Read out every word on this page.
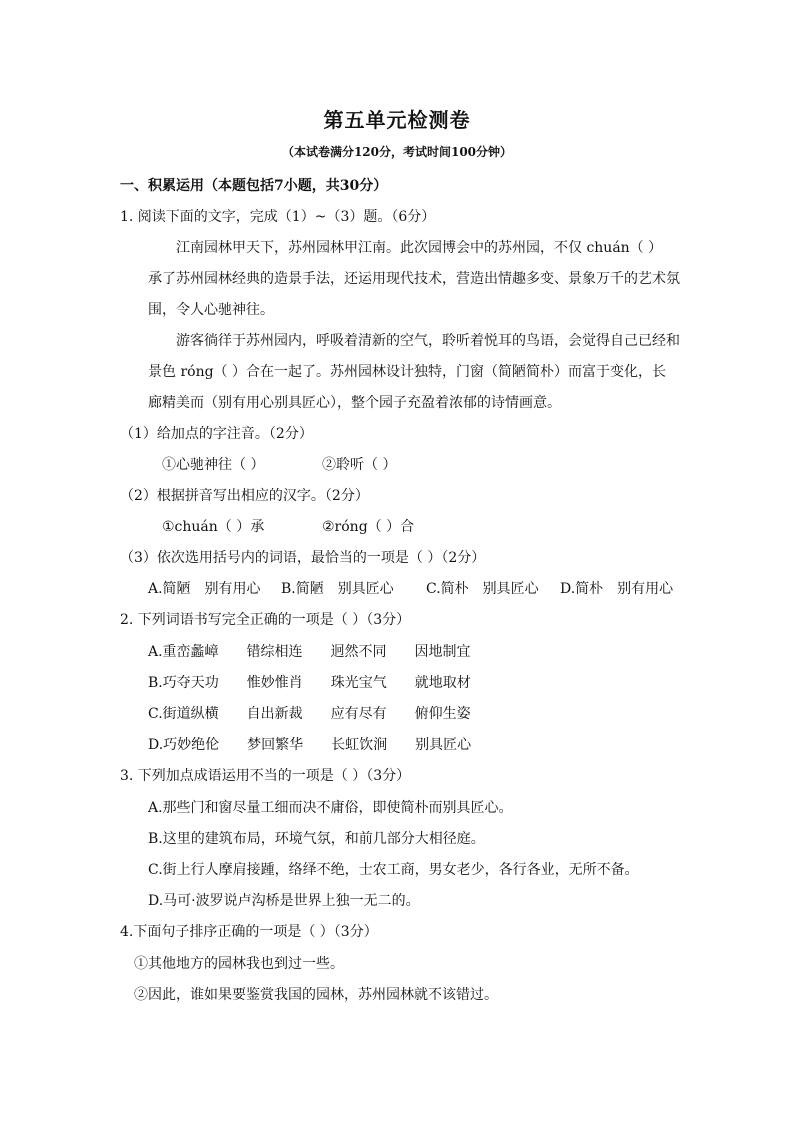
第五单元检测卷
（本试卷满分120分，考试时间100分钟）
一、积累运用（本题包括7小题，共30分）
1. 阅读下面的文字，完成（1）~（3）题。（6分）
江南园林甲天下，苏州园林甲江南。此次园博会中的苏州园，不仅 chuán（ ）
承了苏州园林经典的造景手法，还运用现代技术，营造出情趣多变、景象万千的艺术氛
围，令人心驰神往。
游客徜徉于苏州园内，呼吸着清新的空气，聆听着悦耳的鸟语，会觉得自己已经和
景色 róng（ ）合在一起了。苏州园林设计独特，门窗（简陋简朴）而富于变化，长
廊精美而（别有用心别具匠心），整个园子充盈着浓郁的诗情画意。
（1）给加点的字注音。（2分）
①心驰神往（ ）	②聆听（ ）
（2）根据拼音写出相应的汉字。（2分）
①chuán（ ）承	②róng（ ）合
（3）依次选用括号内的词语，最恰当的一项是（ ）（2分）
A.简陋　别有用心 B.简陋　别具匠心 C.简朴　别具匠心 D.简朴　别有用心
2. 下列词语书写完全正确的一项是（ ）（3分）
A.重峦蠡嶂　　错综相连　　迥然不同　　因地制宜
B.巧夺天功　　惟妙惟肖　　珠光宝气　　就地取材
C.街道纵横　　自出新裁　　应有尽有　　俯仰生姿
D.巧妙绝伦　　梦回繁华　　长虹饮涧　　别具匠心
3. 下列加点成语运用不当的一项是（ ）（3分）
A.那些门和窗尽量工细而决不庸俗，即使简朴而别具匠心。
B.这里的建筑布局，环境气氛，和前几部分大相径庭。
C.街上行人摩肩接踵，络绎不绝，士农工商，男女老少，各行各业，无所不备。
D.马可·波罗说卢沟桥是世界上独一无二的。
4.下面句子排序正确的一项是（ ）（3分）
①其他地方的园林我也到过一些。
②因此，谁如果要鉴赏我国的园林，苏州园林就不该错过。
